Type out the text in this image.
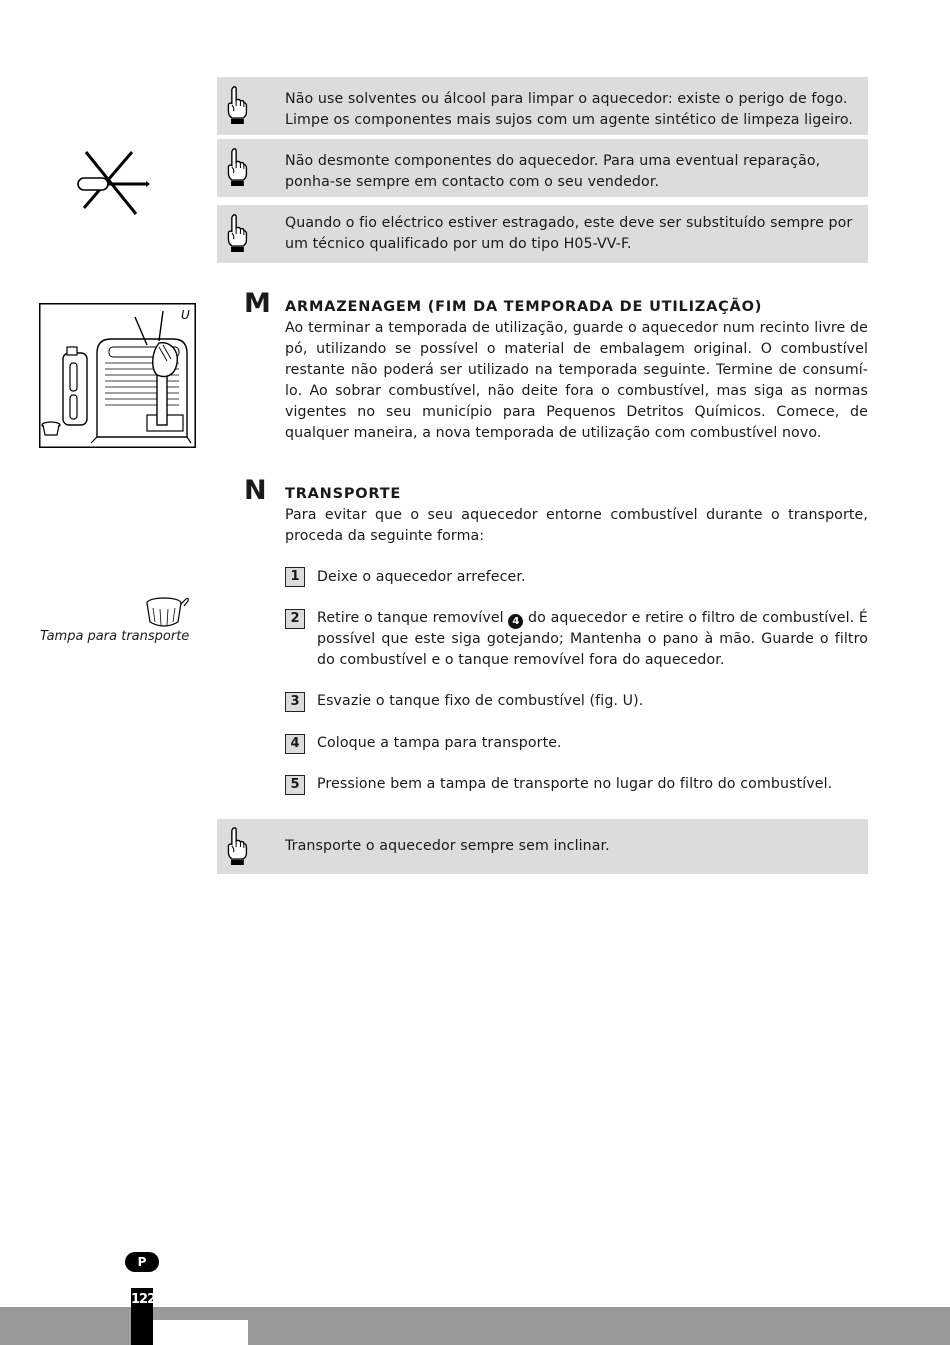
Não use solventes ou álcool para limpar o aquecedor: existe o perigo de fogo.
Limpe os componentes mais sujos com um agente sintético de limpeza ligeiro.
Não desmonte componentes do aquecedor. Para uma eventual reparação,
ponha-se sempre em contacto com o seu vendedor.
Quando o fio eléctrico estiver estragado, este deve ser substituído sempre por
um técnico qualificado por um do tipo H05-VV-F.
U M ARMAZENAGEM (FIM DA TEMPORADA DE UTILIZAÇÃO)
Ao terminar a temporada de utilização, guarde o aquecedor num recinto livre de pó, utilizando se possível o material de embalagem original. O combustível restante não poderá ser utilizado na temporada seguinte. Termine de consumí-lo. Ao sobrar combustível, não deite fora o combustível, mas siga as normas vigentes no seu município para Pequenos Detritos Químicos. Comece, de qualquer maneira, a nova temporada de utilização com combustível novo.
N TRANSPORTE
Para evitar que o seu aquecedor entorne combustível durante o transporte, proceda da seguinte forma:
Tampa para transporte
1	Deixe o aquecedor arrefecer.
2	Retire o tanque removível 4 do aquecedor e retire o filtro de combustível. É possível que este siga gotejando; Mantenha o pano à mão. Guarde o filtro do combustível e o tanque removível fora do aquecedor.
3	Esvazie o tanque fixo de combustível (fig. U).
4	Coloque a tampa para transporte.
5	Pressione bem a tampa de transporte no lugar do filtro do combustível.
Transporte o aquecedor sempre sem inclinar.
P
122
